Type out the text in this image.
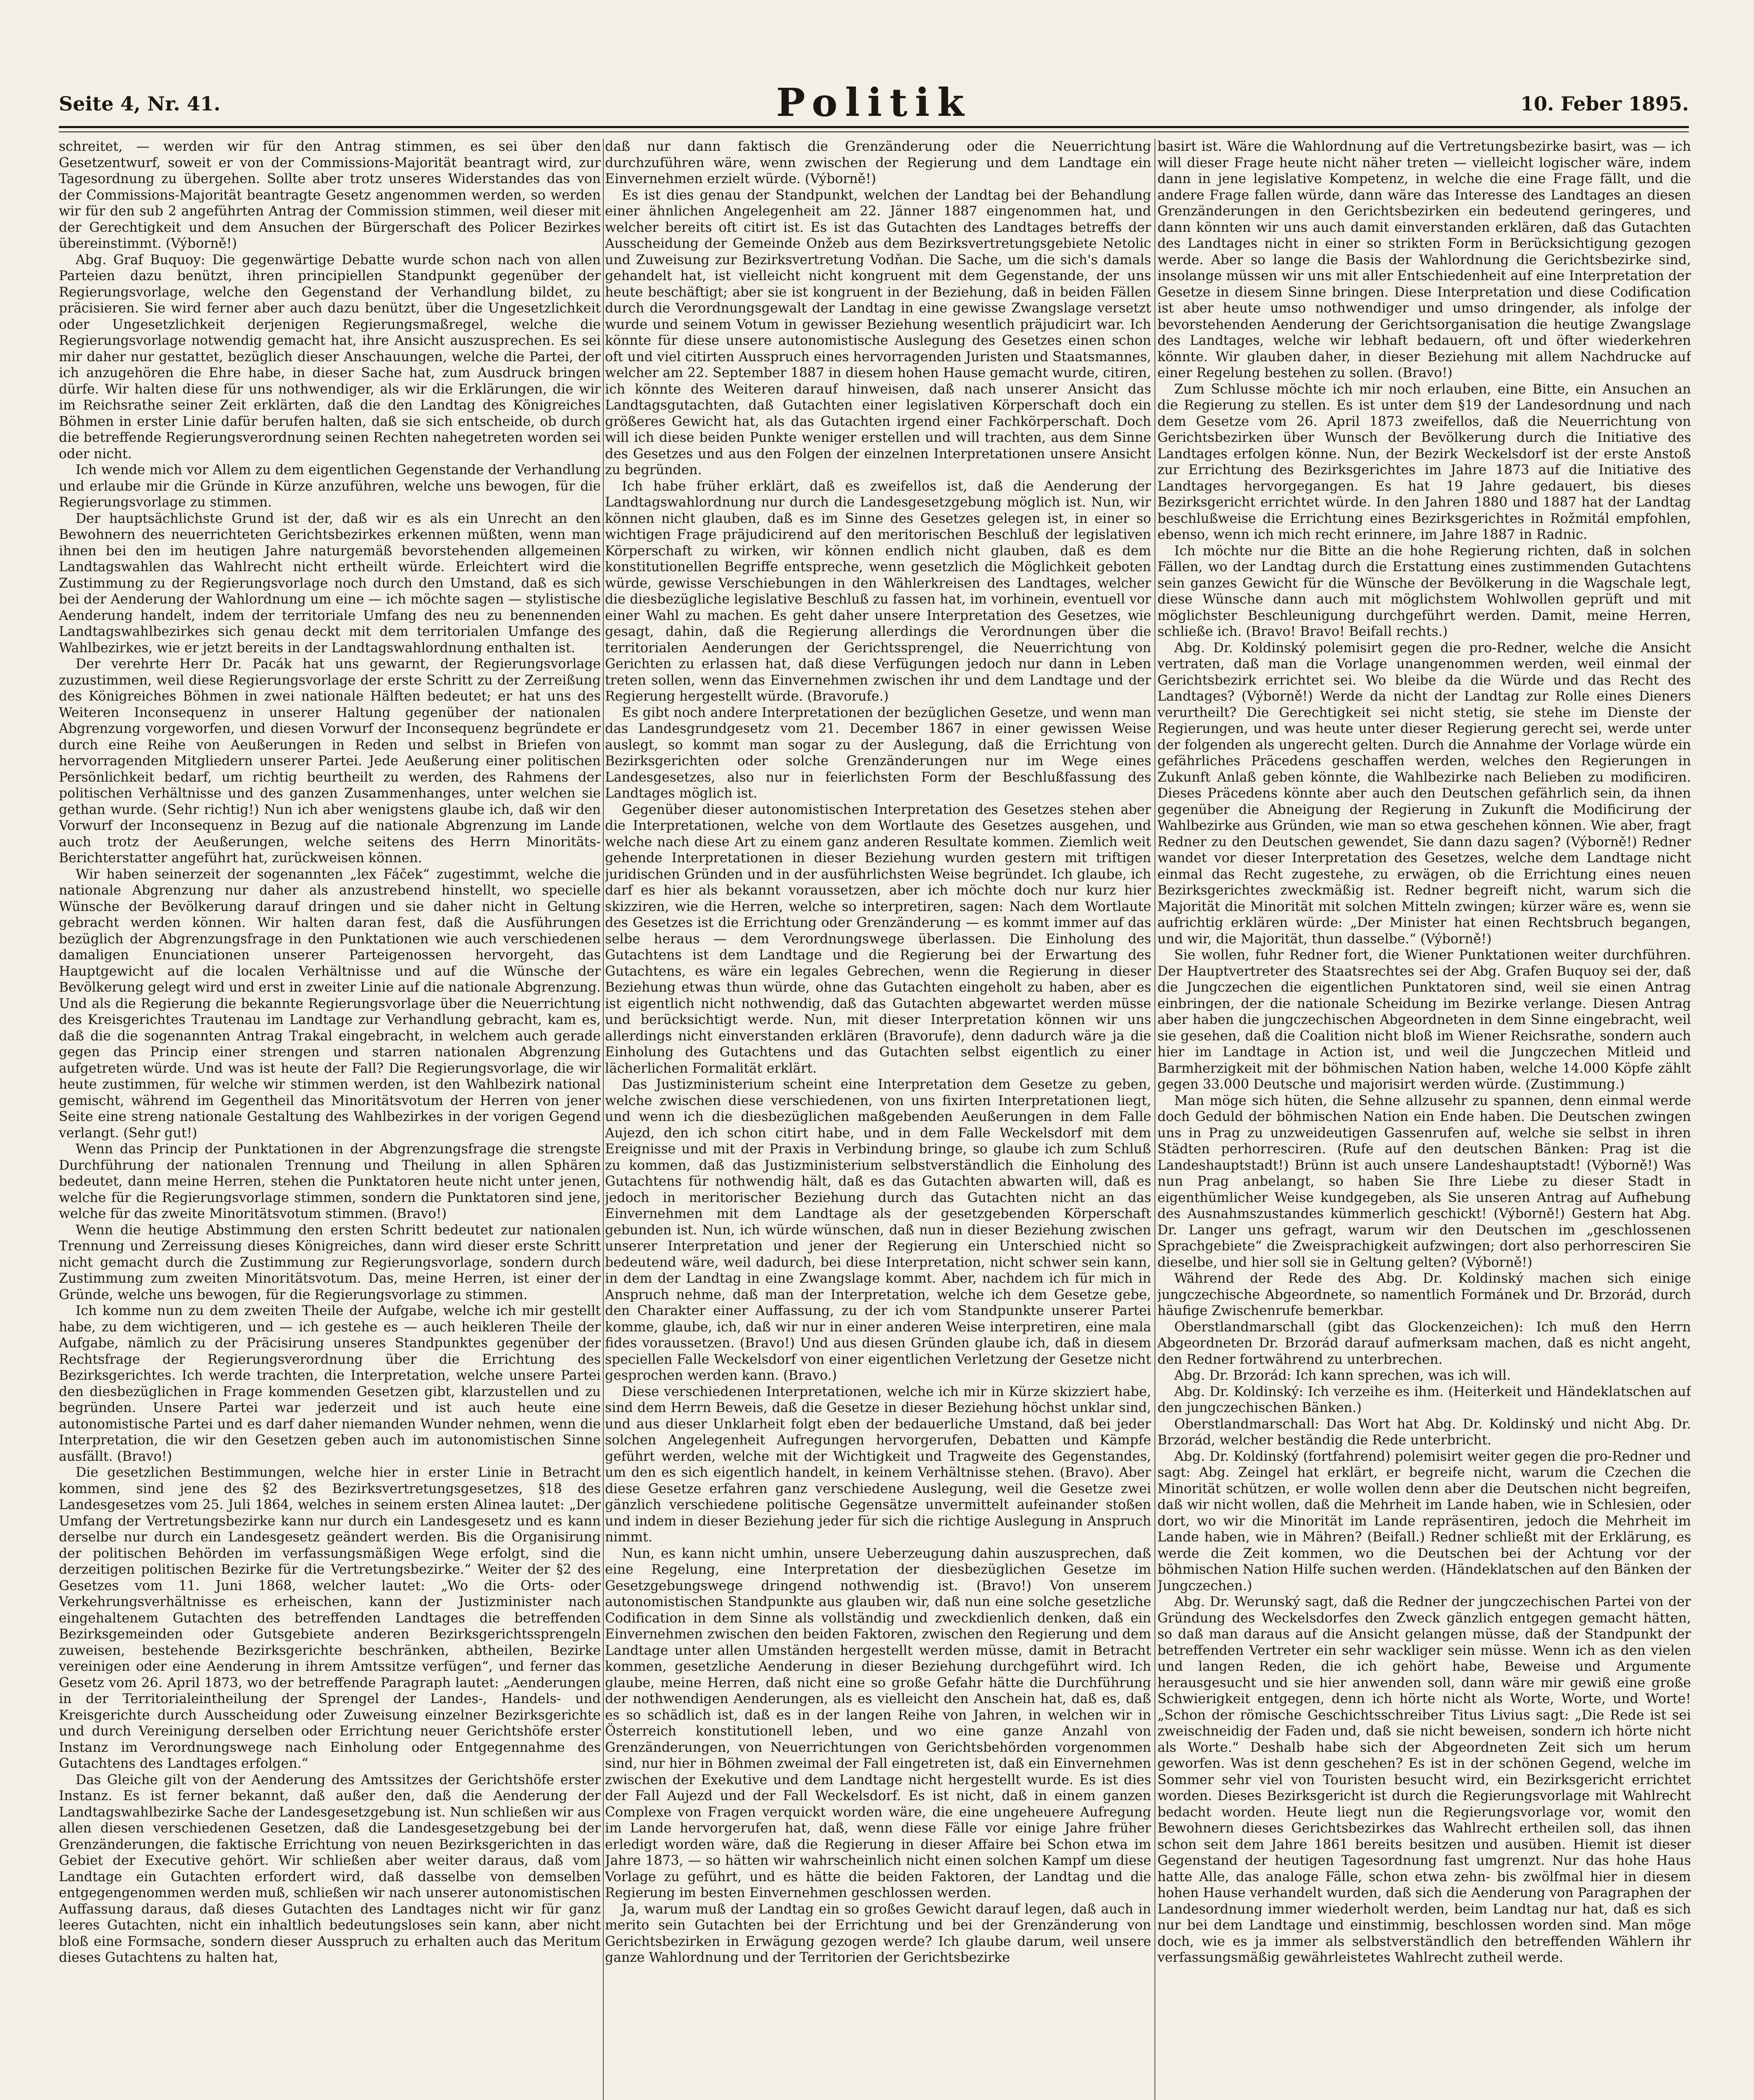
Seite 4, Nr. 41.	Politik	10. Feber 1895.

schreitet, — werden wir für den Antrag stimmen, es sei über den Gesetzentwurf, soweit er von der Commissions-Majorität beantragt wird, zur Tagesordnung zu übergehen. Sollte aber trotz unseres Widerstandes das von der Commissions-Majorität beantragte Gesetz angenommen werden, so werden wir für den sub 2 angeführten Antrag der Commission stimmen, weil dieser mit der Gerechtigkeit und dem Ansuchen der Bürgerschaft des Policer Bezirkes übereinstimmt. (Výborně!)

Abg. Graf Buquoy: Die gegenwärtige Debatte wurde schon nach von allen Parteien dazu benützt, ihren principiellen Standpunkt gegenüber der Regierungsvorlage, welche den Gegenstand der Verhandlung bildet, zu präcisieren. Sie wird ferner aber auch dazu benützt, über die Ungesetzlichkeit oder Ungesetzlichkeit derjenigen Regierungsmaßregel, welche die Regierungsvorlage notwendig gemacht hat, ihre Ansicht auszusprechen. Es sei mir daher nur gestattet, bezüglich dieser Anschauungen, welche die Partei, der ich anzugehören die Ehre habe, in dieser Sache hat, zum Ausdruck bringen dürfe. Wir halten diese für uns nothwendiger, als wir die Erklärungen, die wir im Reichsrathe seiner Zeit erklärten, daß die den Landtag des Königreiches Böhmen in erster Linie dafür berufen halten, daß sie sich entscheide, ob durch die betreffende Regierungsverordnung seinen Rechten nahegetreten worden sei oder nicht.

Ich wende mich vor Allem zu dem eigentlichen Gegenstande der Verhandlung und erlaube mir die Gründe in Kürze anzuführen, welche uns bewogen, für die Regierungsvorlage zu stimmen.

Der hauptsächlichste Grund ist der, daß wir es als ein Unrecht an den Bewohnern des neuerrichteten Gerichtsbezirkes erkennen müßten, wenn man ihnen bei den im heutigen Jahre naturgemäß bevorstehenden allgemeinen Landtagswahlen das Wahlrecht nicht ertheilt würde. Erleichtert wird die Zustimmung zu der Regierungsvorlage noch durch den Umstand, daß es sich bei der Aenderung der Wahlordnung um eine — ich möchte sagen — stylistische Aenderung handelt, indem der territoriale Umfang des neu zu benennenden Landtagswahlbezirkes sich genau deckt mit dem territorialen Umfange des Wahlbezirkes, wie er jetzt bereits in der Landtagswahlordnung enthalten ist.

Der verehrte Herr Dr. Pacák hat uns gewarnt, der Regierungsvorlage zuzustimmen, weil diese Regierungsvorlage der erste Schritt zu der Zerreißung des Königreiches Böhmen in zwei nationale Hälften bedeutet; er hat uns des Weiteren Inconsequenz in unserer Haltung gegenüber der nationalen Abgrenzung vorgeworfen, und diesen Vorwurf der Inconsequenz begründete er durch eine Reihe von Aeußerungen in Reden und selbst in Briefen von hervorragenden Mitgliedern unserer Partei. Jede Aeußerung einer politischen Persönlichkeit bedarf, um richtig beurtheilt zu werden, des Rahmens der politischen Verhältnisse und des ganzen Zusammenhanges, unter welchen sie gethan wurde. (Sehr richtig!) Nun ich aber wenigstens glaube ich, daß wir den Vorwurf der Inconsequenz in Bezug auf die nationale Abgrenzung im Lande auch trotz der Aeußerungen, welche seitens des Herrn Minoritäts-Berichterstatter angeführt hat, zurückweisen können.

Wir haben seinerzeit der sogenannten „lex Fáček“ zugestimmt, welche die nationale Abgrenzung nur daher als anzustrebend hinstellt, wo specielle Wünsche der Bevölkerung darauf dringen und sie daher nicht in Geltung gebracht werden können. Wir halten daran fest, daß die Ausführungen bezüglich der Abgrenzungsfrage in den Punktationen wie auch verschiedenen damaligen Enunciationen unserer Parteigenossen hervorgeht, das Hauptgewicht auf die localen Verhältnisse und auf die Wünsche der Bevölkerung gelegt wird und erst in zweiter Linie auf die nationale Abgrenzung. Und als die Regierung die bekannte Regierungsvorlage über die Neuerrichtung des Kreisgerichtes Trautenau im Landtage zur Verhandlung gebracht, kam es, daß die die sogenannten Antrag Trakal eingebracht, in welchem auch gerade gegen das Princip einer strengen und starren nationalen Abgrenzung aufgetreten würde. Und was ist heute der Fall? Die Regierungsvorlage, die wir heute zustimmen, für welche wir stimmen werden, ist den Wahlbezirk national gemischt, während im Gegentheil das Minoritätsvotum der Herren von jener Seite eine streng nationale Gestaltung des Wahlbezirkes in der vorigen Gegend verlangt. (Sehr gut!)

Wenn das Princip der Punktationen in der Abgrenzungsfrage die strengste Durchführung der nationalen Trennung und Theilung in allen Sphären bedeutet, dann meine Herren, stehen die Punktatoren heute nicht unter jenen, welche für die Regierungsvorlage stimmen, sondern die Punktatoren sind jene, welche für das zweite Minoritätsvotum stimmen. (Bravo!)

Wenn die heutige Abstimmung den ersten Schritt bedeutet zur nationalen Trennung und Zerreissung dieses Königreiches, dann wird dieser erste Schritt nicht gemacht durch die Zustimmung zur Regierungsvorlage, sondern durch Zustimmung zum zweiten Minoritätsvotum. Das, meine Herren, ist einer der Gründe, welche uns bewogen, für die Regierungsvorlage zu stimmen.

Ich komme nun zu dem zweiten Theile der Aufgabe, welche ich mir gestellt habe, zu dem wichtigeren, und — ich gestehe es — auch heikleren Theile der Aufgabe, nämlich zu der Präcisirung unseres Standpunktes gegenüber der Rechtsfrage der Regierungsverordnung über die Errichtung des Bezirksgerichtes. Ich werde trachten, die Interpretation, welche unsere Partei den diesbezüglichen in Frage kommenden Gesetzen gibt, klarzustellen und zu begründen. Unsere Partei war jederzeit und ist auch heute eine autonomistische Partei und es darf daher niemanden Wunder nehmen, wenn die Interpretation, die wir den Gesetzen geben auch im autonomistischen Sinne ausfällt. (Bravo!)

Die gesetzlichen Bestimmungen, welche hier in erster Linie in Betracht kommen, sind jene des §2 des Bezirksvertretungsgesetzes, §18 des Landesgesetzes vom 25. Juli 1864, welches in seinem ersten Alinea lautet: „Der Umfang der Vertretungsbezirke kann nur durch ein Landesgesetz und es kann derselbe nur durch ein Landesgesetz geändert werden. Bis die Organisirung der politischen Behörden im verfassungsmäßigen Wege erfolgt, sind die derzeitigen politischen Bezirke für die Vertretungsbezirke.“ Weiter der §2 des Gesetzes vom 11. Juni 1868, welcher lautet: „Wo die Orts- oder Verkehrungsverhältnisse es erheischen, kann der Justizminister nach eingehaltenem Gutachten des betreffenden Landtages die betreffenden Bezirksgemeinden oder Gutsgebiete anderen Bezirksgerichtssprengeln zuweisen, bestehende Bezirksgerichte beschränken, abtheilen, Bezirke vereinigen oder eine Aenderung in ihrem Amtssitze verfügen“, und ferner das Gesetz vom 26. April 1873, wo der betreffende Paragraph lautet: „Aenderungen in der Territorialeintheilung der Sprengel der Landes-, Handels- und Kreisgerichte durch Ausscheidung oder Zuweisung einzelner Bezirksgerichte und durch Vereinigung derselben oder Errichtung neuer Gerichtshöfe erster Instanz im Verordnungswege nach Einholung oder Entgegennahme des Gutachtens des Landtages erfolgen.“

Das Gleiche gilt von der Aenderung des Amtssitzes der Gerichtshöfe erster Instanz. Es ist ferner bekannt, daß außer den, daß die Aenderung der Landtagswahlbezirke Sache der Landesgesetzgebung ist. Nun schließen wir aus allen diesen verschiedenen Gesetzen, daß die Landesgesetzgebung bei der Grenzänderungen, die faktische Errichtung von neuen Bezirksgerichten in das Gebiet der Executive gehört. Wir schließen aber weiter daraus, daß vom Landtage ein Gutachten erfordert wird, daß dasselbe von demselben entgegengenommen werden muß, schließen wir nach unserer autonomistischen Auffassung daraus, daß dieses Gutachten des Landtages nicht wir für ganz leeres Gutachten, nicht ein inhaltlich bedeutungsloses sein kann, aber nicht bloß eine Formsache, sondern dieser Ausspruch zu erhalten auch das Meritum dieses Gutachtens zu halten hat,

daß nur dann faktisch die Grenzänderung oder die Neuerrichtung durchzuführen wäre, wenn zwischen der Regierung und dem Landtage ein Einvernehmen erzielt würde. (Výborně!)

Es ist dies genau der Standpunkt, welchen der Landtag bei der Behandlung einer ähnlichen Angelegenheit am 22. Jänner 1887 eingenommen hat, und welcher bereits oft citirt ist. Es ist das Gutachten des Landtages betreffs der Ausscheidung der Gemeinde Onžeb aus dem Bezirksvertretungsgebiete Netolic und Zuweisung zur Bezirksvertretung Vodňan. Die Sache, um die sich's damals gehandelt hat, ist vielleicht nicht kongruent mit dem Gegenstande, der uns heute beschäftigt; aber sie ist kongruent in der Beziehung, daß in beiden Fällen durch die Verordnungsgewalt der Landtag in eine gewisse Zwangslage versetzt wurde und seinem Votum in gewisser Beziehung wesentlich präjudicirt war. Ich könnte für diese unsere autonomistische Auslegung des Gesetzes einen schon oft und viel citirten Ausspruch eines hervorragenden Juristen und Staatsmannes, welcher am 22. September 1887 in diesem hohen Hause gemacht wurde, citiren, ich könnte des Weiteren darauf hinweisen, daß nach unserer Ansicht das Landtagsgutachten, daß Gutachten einer legislativen Körperschaft doch ein größeres Gewicht hat, als das Gutachten irgend einer Fachkörperschaft. Doch will ich diese beiden Punkte weniger erstellen und will trachten, aus dem Sinne des Gesetzes und aus den Folgen der einzelnen Interpretationen unsere Ansicht zu begründen.

Ich habe früher erklärt, daß es zweifellos ist, daß die Aenderung der Landtagswahlordnung nur durch die Landesgesetzgebung möglich ist. Nun, wir können nicht glauben, daß es im Sinne des Gesetzes gelegen ist, in einer so wichtigen Frage präjudicirend auf den meritorischen Beschluß der legislativen Körperschaft zu wirken, wir können endlich nicht glauben, daß es dem konstitutionellen Begriffe entspreche, wenn gesetzlich die Möglichkeit geboten würde, gewisse Verschiebungen in den Wählerkreisen des Landtages, welcher die diesbezügliche legislative Beschluß zu fassen hat, im vorhinein, eventuell vor einer Wahl zu machen. Es geht daher unsere Interpretation des Gesetzes, wie gesagt, dahin, daß die Regierung allerdings die Verordnungen über die territorialen Aenderungen der Gerichtssprengel, die Neuerrichtung von Gerichten zu erlassen hat, daß diese Verfügungen jedoch nur dann in Leben treten sollen, wenn das Einvernehmen zwischen ihr und dem Landtage und der Regierung hergestellt würde. (Bravorufe.)

Es gibt noch andere Interpretationen der bezüglichen Gesetze, und wenn man das Landesgrundgesetz vom 21. December 1867 in einer gewissen Weise auslegt, so kommt man sogar zu der Auslegung, daß die Errichtung von Bezirksgerichten oder solche Grenzänderungen nur im Wege eines Landesgesetzes, also nur in feierlichsten Form der Beschlußfassung des Landtages möglich ist.

Gegenüber dieser autonomistischen Interpretation des Gesetzes stehen aber die Interpretationen, welche von dem Wortlaute des Gesetzes ausgehen, und welche nach diese Art zu einem ganz anderen Resultate kommen. Ziemlich weit gehende Interpretationen in dieser Beziehung wurden gestern mit triftigen juridischen Gründen und in der ausführlichsten Weise begründet. Ich glaube, ich darf es hier als bekannt voraussetzen, aber ich möchte doch nur kurz hier skizziren, wie die Herren, welche so interpretiren, sagen: Nach dem Wortlaute des Gesetzes ist die Errichtung oder Grenzänderung — es kommt immer auf das selbe heraus — dem Verordnungswege überlassen. Die Einholung des Gutachtens ist dem Landtage und die Regierung bei der Erwartung des Gutachtens, es wäre ein legales Gebrechen, wenn die Regierung in dieser Beziehung etwas thun würde, ohne das Gutachten eingeholt zu haben, aber es ist eigentlich nicht nothwendig, daß das Gutachten abgewartet werden müsse und berücksichtigt werde. Nun, mit dieser Interpretation können wir uns allerdings nicht einverstanden erklären (Bravorufe), denn dadurch wäre ja die Einholung des Gutachtens und das Gutachten selbst eigentlich zu einer lächerlichen Formalität erklärt.

Das Justizministerium scheint eine Interpretation dem Gesetze zu geben, welche zwischen diese verschiedenen, von uns fixirten Interpretationen liegt, und wenn ich die diesbezüglichen maßgebenden Aeußerungen in dem Falle Aujezd, den ich schon citirt habe, und in dem Falle Weckelsdorf mit dem Ereignisse und mit der Praxis in Verbindung bringe, so glaube ich zum Schluß zu kommen, daß das Justizministerium selbstverständlich die Einholung des Gutachtens für nothwendig hält, daß es das Gutachten abwarten will, daß es jedoch in meritorischer Beziehung durch das Gutachten nicht an das Einvernehmen mit dem Landtage als der gesetzgebenden Körperschaft gebunden ist. Nun, ich würde wünschen, daß nun in dieser Beziehung zwischen unserer Interpretation und jener der Regierung ein Unterschied nicht so bedeutend wäre, weil dadurch, bei diese Interpretation, nicht schwer sein kann, in dem der Landtag in eine Zwangslage kommt. Aber, nachdem ich für mich in Anspruch nehme, daß man der Interpretation, welche ich dem Gesetze gebe, den Charakter einer Auffassung, zu der ich vom Standpunkte unserer Partei komme, glaube, ich, daß wir nur in einer anderen Weise interpretiren, eine mala fides voraussetzen. (Bravo!) Und aus diesen Gründen glaube ich, daß in diesem speciellen Falle Weckelsdorf von einer eigentlichen Verletzung der Gesetze nicht gesprochen werden kann. (Bravo.)

Diese verschiedenen Interpretationen, welche ich mir in Kürze skizziert habe, sind dem Herrn Beweis, daß die Gesetze in dieser Beziehung höchst unklar sind, und aus dieser Unklarheit folgt eben der bedauerliche Umstand, daß bei jeder solchen Angelegenheit Aufregungen hervorgerufen, Debatten und Kämpfe geführt werden, welche mit der Wichtigkeit und Tragweite des Gegenstandes, um den es sich eigentlich handelt, in keinem Verhältnisse stehen. (Bravo). Aber diese Gesetze erfahren ganz verschiedene Auslegung, weil die Gesetze zwei gänzlich verschiedene politische Gegensätze unvermittelt aufeinander stoßen und indem in dieser Beziehung jeder für sich die richtige Auslegung in Anspruch nimmt.

Nun, es kann nicht umhin, unsere Ueberzeugung dahin auszusprechen, daß eine Regelung, eine Interpretation der diesbezüglichen Gesetze im Gesetzgebungswege dringend nothwendig ist. (Bravo!) Von unserem autonomistischen Standpunkte aus glauben wir, daß nun eine solche gesetzliche Codification in dem Sinne als vollständig und zweckdienlich denken, daß ein Einvernehmen zwischen den beiden Faktoren, zwischen den Regierung und dem Landtage unter allen Umständen hergestellt werden müsse, damit in Betracht kommen, gesetzliche Aenderung in dieser Beziehung durchgeführt wird. Ich glaube, meine Herren, daß nicht eine so große Gefahr hätte die Durchführung der nothwendigen Aenderungen, als es vielleicht den Anschein hat, daß es, daß es so schädlich ist, daß es in der langen Reihe von Jahren, in welchen wir in Österreich konstitutionell leben, und wo eine ganze Anzahl von Grenzänderungen, von Neuerrichtungen von Gerichtsbehörden vorgenommen sind, nur hier in Böhmen zweimal der Fall eingetreten ist, daß ein Einvernehmen zwischen der Exekutive und dem Landtage nicht hergestellt wurde. Es ist dies der Fall Aujezd und der Fall Weckelsdorf. Es ist nicht, daß in einem ganzen Complexe von Fragen verquickt worden wäre, die eine ungeheuere Aufregung im Lande hervorgerufen hat, daß, wenn diese Fälle vor einige Jahre früher erledigt worden wäre, daß die Regierung in dieser Affaire bei Schon etwa im Jahre 1873, — so hätten wir wahrscheinlich nicht einen solchen Kampf um diese Vorlage zu geführt, und es hätte die beiden Faktoren, der Landtag und die Regierung im besten Einvernehmen geschlossen werden.

Ja, warum muß der Landtag ein so großes Gewicht darauf legen, daß auch in merito sein Gutachten bei der Errichtung und bei der Grenzänderung von Gerichtsbezirken in Erwägung gezogen werde? Ich glaube darum, weil unsere ganze Wahlordnung und der Territorien der Gerichtsbezirke

basirt ist. Wäre die Wahlordnung auf die Vertretungsbezirke basirt, was — ich will dieser Frage heute nicht näher treten — vielleicht logischer wäre, indem dann in jene legislative Kompetenz, in welche die eine Frage fällt, und die andere Frage fallen würde, dann wäre das Interesse des Landtages an diesen Grenzänderungen in den Gerichtsbezirken ein bedeutend geringeres, und dann könnten wir uns auch damit einverstanden erklären, daß das Gutachten des Landtages nicht in einer so strikten Form in Berücksichtigung gezogen werde. Aber so lange die Basis der Wahlordnung die Gerichtsbezirke sind, insolange müssen wir uns mit aller Entschiedenheit auf eine Interpretation der Gesetze in diesem Sinne bringen. Diese Interpretation und diese Codification ist aber heute umso nothwendiger und umso dringender, als infolge der bevorstehenden Aenderung der Gerichtsorganisation die heutige Zwangslage des Landtages, welche wir lebhaft bedauern, oft und öfter wiederkehren könnte. Wir glauben daher, in dieser Beziehung mit allem Nachdrucke auf einer Regelung bestehen zu sollen. (Bravo!)

Zum Schlusse möchte ich mir noch erlauben, eine Bitte, ein Ansuchen an die Regierung zu stellen. Es ist unter dem §19 der Landesordnung und nach dem Gesetze vom 26. April 1873 zweifellos, daß die Neuerrichtung von Gerichtsbezirken über Wunsch der Bevölkerung durch die Initiative des Landtages erfolgen könne. Nun, der Bezirk Weckelsdorf ist der erste Anstoß zur Errichtung des Bezirksgerichtes im Jahre 1873 auf die Initiative des Landtages hervorgegangen. Es hat 19 Jahre gedauert, bis dieses Bezirksgericht errichtet würde. In den Jahren 1880 und 1887 hat der Landtag beschlußweise die Errichtung eines Bezirksgerichtes in Rožmitál empfohlen, ebenso, wenn ich mich recht erinnere, im Jahre 1887 in Radnic.

Ich möchte nur die Bitte an die hohe Regierung richten, daß in solchen Fällen, wo der Landtag durch die Erstattung eines zustimmenden Gutachtens sein ganzes Gewicht für die Wünsche der Bevölkerung in die Wagschale legt, diese Wünsche dann auch mit möglichstem Wohlwollen geprüft und mit möglichster Beschleunigung durchgeführt werden. Damit, meine Herren, schließe ich. (Bravo! Bravo! Beifall rechts.)

Abg. Dr. Koldinský polemisirt gegen die pro-Redner, welche die Ansicht vertraten, daß man die Vorlage unangenommen werden, weil einmal der Gerichtsbezirk errichtet sei. Wo bleibe da die Würde und das Recht des Landtages? (Výborně!) Werde da nicht der Landtag zur Rolle eines Dieners verurtheilt? Die Gerechtigkeit sei nicht stetig, sie stehe im Dienste der Regierungen, und was heute unter dieser Regierung gerecht sei, werde unter der folgenden als ungerecht gelten. Durch die Annahme der Vorlage würde ein gefährliches Präcedens geschaffen werden, welches den Regierungen in Zukunft Anlaß geben könnte, die Wahlbezirke nach Belieben zu modificiren. Dieses Präcedens könnte aber auch den Deutschen gefährlich sein, da ihnen gegenüber die Abneigung der Regierung in Zukunft die Modificirung der Wahlbezirke aus Gründen, wie man so etwa geschehen können. Wie aber, fragt Redner zu den Deutschen gewendet, Sie dann dazu sagen? (Výborně!) Redner wandet vor dieser Interpretation des Gesetzes, welche dem Landtage nicht einmal das Recht zugestehe, zu erwägen, ob die Errichtung eines neuen Bezirksgerichtes zweckmäßig ist. Redner begreift nicht, warum sich die Majorität die Minorität mit solchen Mitteln zwingen; kürzer wäre es, wenn sie aufrichtig erklären würde: „Der Minister hat einen Rechtsbruch begangen, und wir, die Majorität, thun dasselbe.“ (Výborně!)

Sie wollen, fuhr Redner fort, die Wiener Punktationen weiter durchführen. Der Hauptvertreter des Staatsrechtes sei der Abg. Grafen Buquoy sei der, daß die Jungczechen die eigentlichen Punktatoren sind, weil sie einen Antrag einbringen, der die nationale Scheidung im Bezirke verlange. Diesen Antrag aber haben die jungczechischen Abgeordneten in dem Sinne eingebracht, weil sie gesehen, daß die Coalition nicht bloß im Wiener Reichsrathe, sondern auch hier im Landtage in Action ist, und weil die Jungczechen Mitleid und Barmherzigkeit mit der böhmischen Nation haben, welche 14.000 Köpfe zählt gegen 33.000 Deutsche und majorisirt werden würde. (Zustimmung.)

Man möge sich hüten, die Sehne allzusehr zu spannen, denn einmal werde doch Geduld der böhmischen Nation ein Ende haben. Die Deutschen zwingen uns in Prag zu unzweideutigen Gassenrufen auf, welche sie selbst in ihren Städten perhorresciren. (Rufe auf den deutschen Bänken: Prag ist die Landeshauptstadt!) Brünn ist auch unsere Landeshauptstadt! (Výborně!) Was nun Prag anbelangt, so haben Sie Ihre Liebe zu dieser Stadt in eigenthümlicher Weise kundgegeben, als Sie unseren Antrag auf Aufhebung des Ausnahmszustandes kümmerlich geschickt! (Výborně!) Gestern hat Abg. Dr. Langer uns gefragt, warum wir den Deutschen im „geschlossenen Sprachgebiete“ die Zweisprachigkeit aufzwingen; dort also perhorresciren Sie dieselbe, und hier soll sie in Geltung gelten? (Výborně!)

Während der Rede des Abg. Dr. Koldinský machen sich einige jungczechische Abgeordnete, so namentlich Formánek und Dr. Brzorád, durch häufige Zwischenrufe bemerkbar.

Oberstlandmarschall (gibt das Glockenzeichen): Ich muß den Herrn Abgeordneten Dr. Brzorád darauf aufmerksam machen, daß es nicht angeht, den Redner fortwährend zu unterbrechen.

Abg. Dr. Brzorád: Ich kann sprechen, was ich will.

Abg. Dr. Koldinský: Ich verzeihe es ihm. (Heiterkeit und Händeklatschen auf den jungczechischen Bänken.)

Oberstlandmarschall: Das Wort hat Abg. Dr. Koldinský und nicht Abg. Dr. Brzorád, welcher beständig die Rede unterbricht.

Abg. Dr. Koldinský (fortfahrend) polemisirt weiter gegen die pro-Redner und sagt: Abg. Zeingel hat erklärt, er begreife nicht, warum die Czechen die Minorität schützen, er wolle wollen denn aber die Deutschen nicht begreifen, daß wir nicht wollen, daß die Mehrheit im Lande haben, wie in Schlesien, oder dort, wo wir die Minorität im Lande repräsentiren, jedoch die Mehrheit im Lande haben, wie in Mähren? (Beifall.) Redner schließt mit der Erklärung, es werde die Zeit kommen, wo die Deutschen bei der Achtung vor der böhmischen Nation Hilfe suchen werden. (Händeklatschen auf den Bänken der Jungczechen.)

Abg. Dr. Werunský sagt, daß die Redner der jungczechischen Partei von der Gründung des Weckelsdorfes den Zweck gänzlich entgegen gemacht hätten, so daß man daraus auf die Ansicht gelangen müsse, daß der Standpunkt der betreffenden Vertreter ein sehr wackliger sein müsse. Wenn ich as den vielen und langen Reden, die ich gehört habe, Beweise und Argumente herausgesucht und sie hier anwenden soll, dann wäre mir gewiß eine große Schwierigkeit entgegen, denn ich hörte nicht als Worte, Worte, und Worte! „Schon der römische Geschichtsschreiber Titus Livius sagt: „Die Rede ist sei zweischneidig der Faden und, daß sie nicht beweisen, sondern ich hörte nicht als Worte.“ Deshalb habe sich der Abgeordneten Zeit sich um herum geworfen. Was ist denn geschehen? Es ist in der schönen Gegend, welche im Sommer sehr viel von Touristen besucht wird, ein Bezirksgericht errichtet worden. Dieses Bezirksgericht ist durch die Regierungsvorlage mit Wahlrecht bedacht worden. Heute liegt nun die Regierungsvorlage vor, womit den Bewohnern dieses Gerichtsbezirkes das Wahlrecht ertheilen soll, das ihnen schon seit dem Jahre 1861 bereits besitzen und ausüben. Hiemit ist dieser Gegenstand der heutigen Tagesordnung fast umgrenzt. Nur das hohe Haus hatte Alle, das analoge Fälle, schon etwa zehn- bis zwölfmal hier in diesem hohen Hause verhandelt wurden, daß sich die Aenderung von Paragraphen der Landesordnung immer wiederholt werden, beim Landtag nur hat, daß es sich nur bei dem Landtage und einstimmig, beschlossen worden sind. Man möge doch, wie es ja immer als selbstverständlich den betreffenden Wählern ihr verfassungsmäßig gewährleistetes Wahlrecht zutheil werde.
